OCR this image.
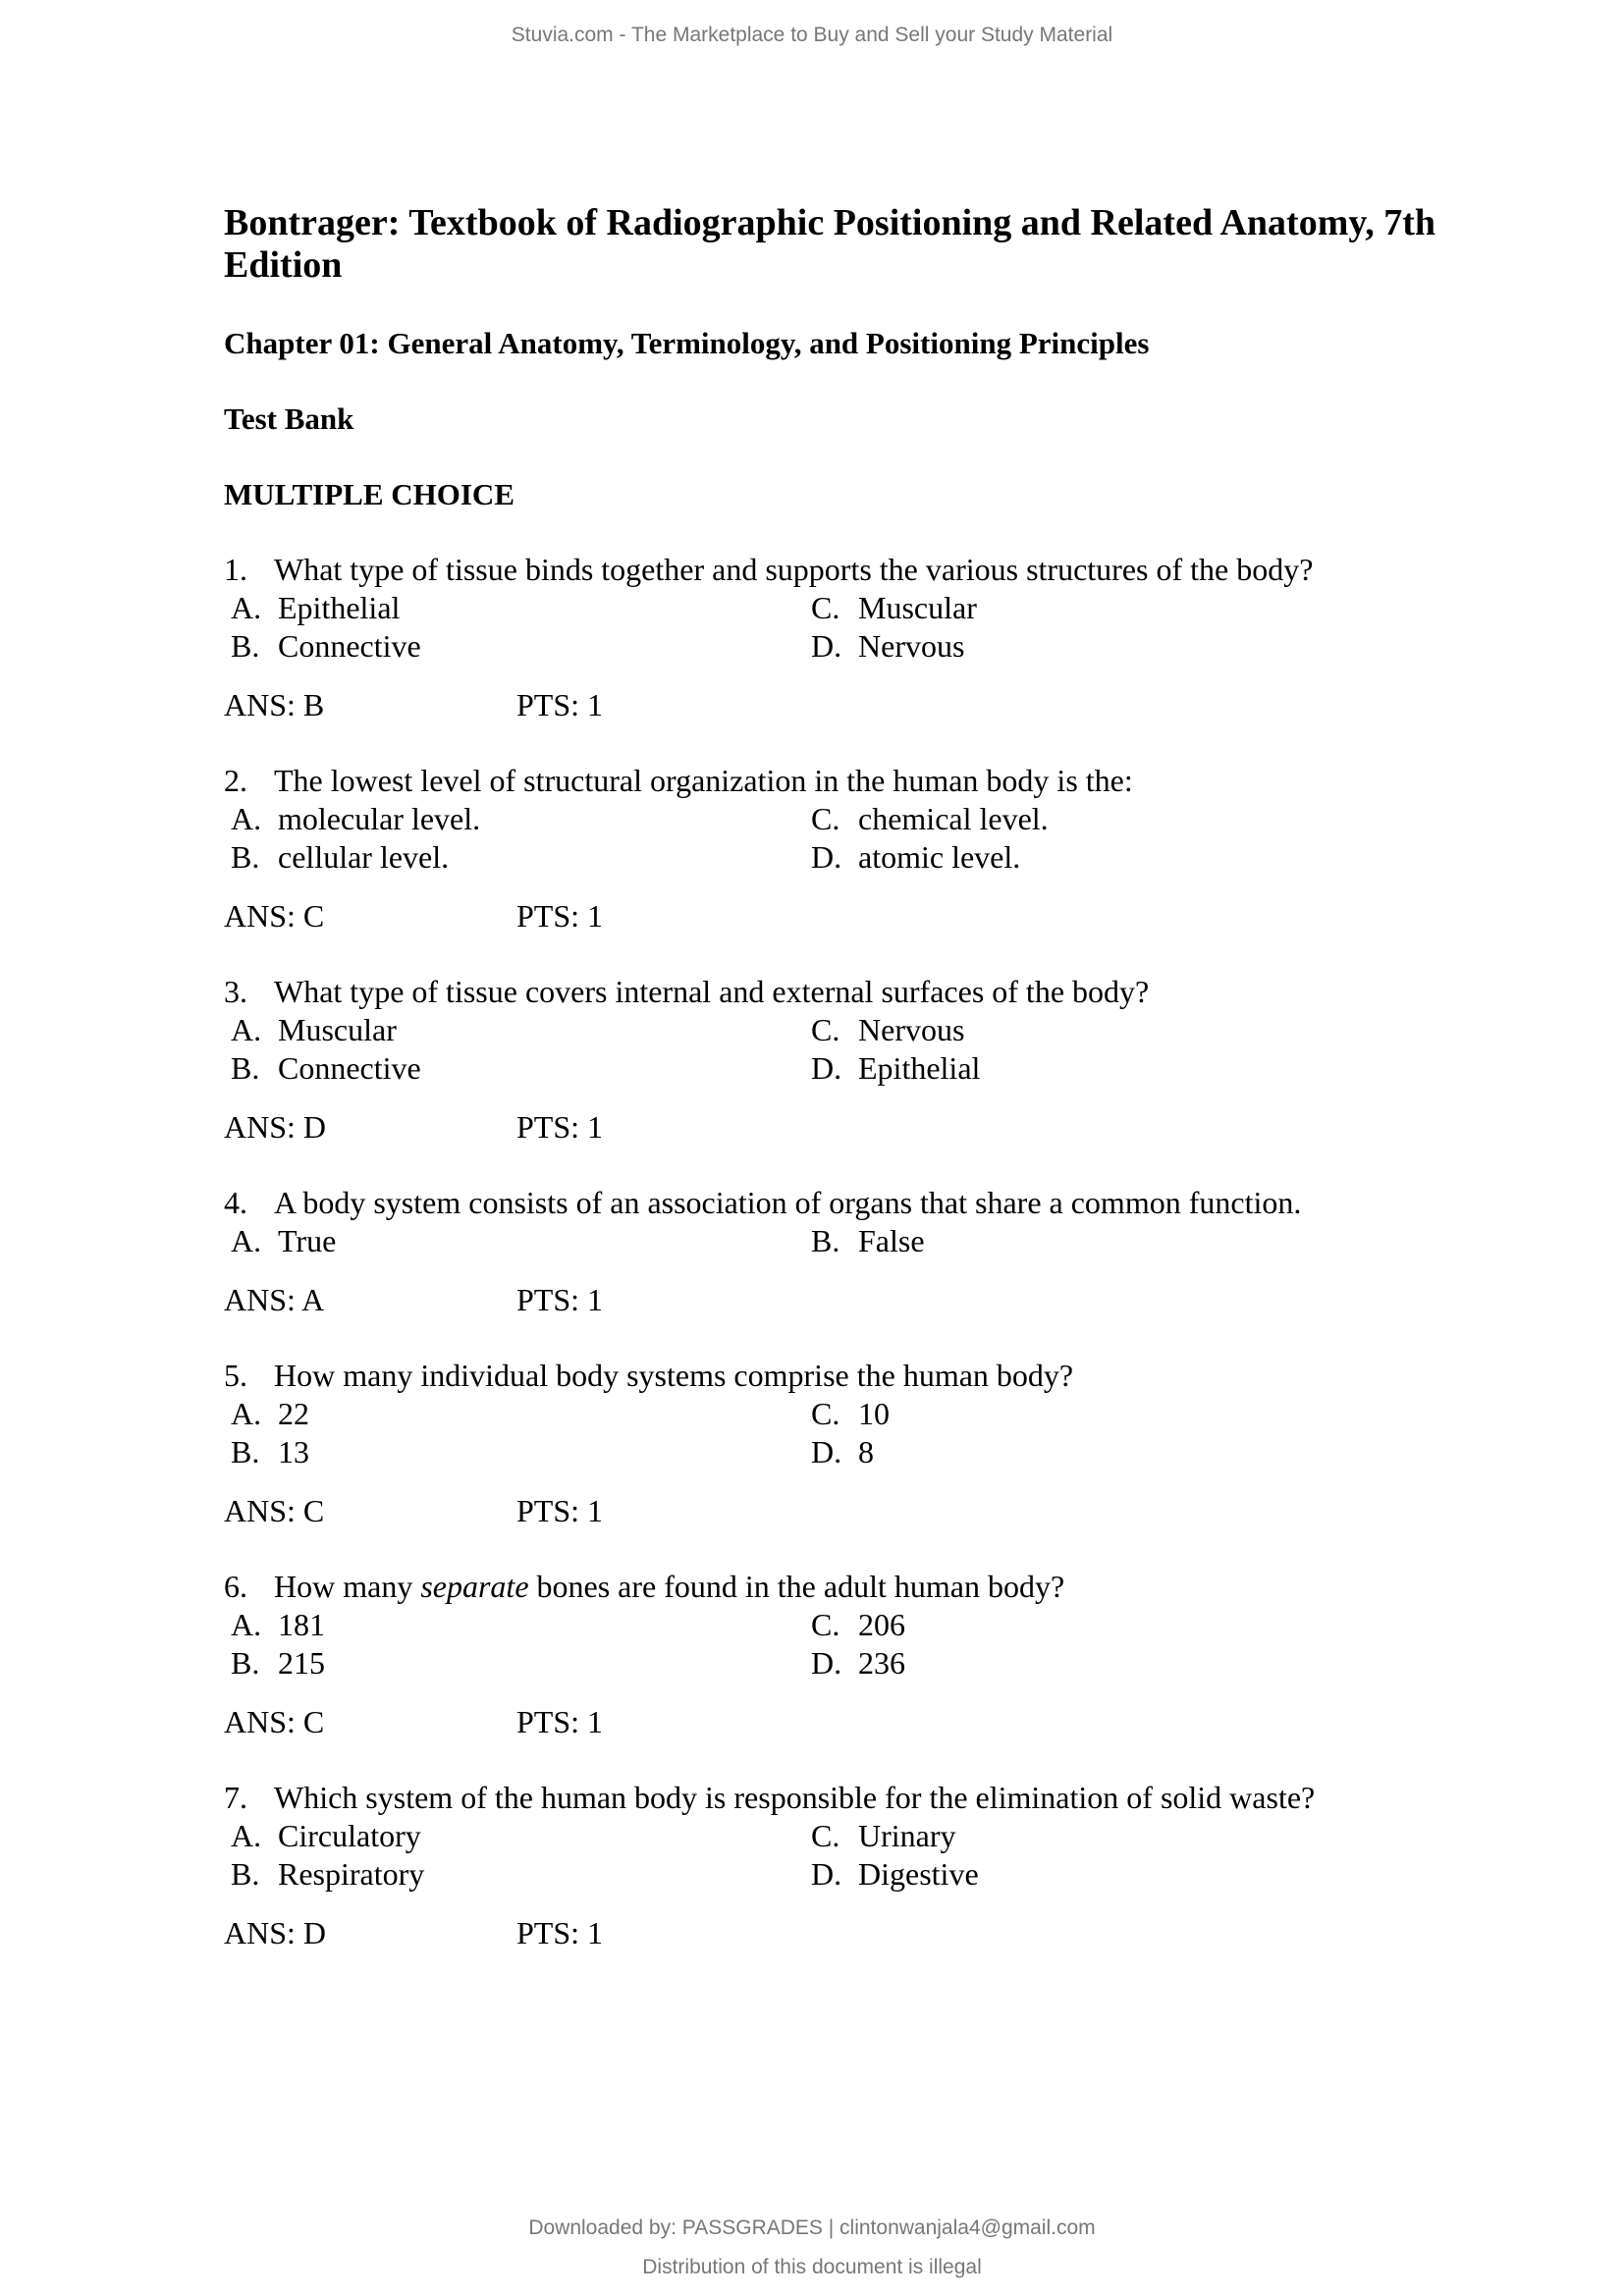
Stuvia.com - The Marketplace to Buy and Sell your Study Material
Bontrager: Textbook of Radiographic Positioning and Related Anatomy, 7th Edition
Chapter 01: General Anatomy, Terminology, and Positioning Principles
Test Bank
MULTIPLE CHOICE
1. What type of tissue binds together and supports the various structures of the body?
A. Epithelial	C. Muscular
B. Connective	D. Nervous
ANS: B	PTS: 1
2. The lowest level of structural organization in the human body is the:
A. molecular level.	C. chemical level.
B. cellular level.	D. atomic level.
ANS: C	PTS: 1
3. What type of tissue covers internal and external surfaces of the body?
A. Muscular	C. Nervous
B. Connective	D. Epithelial
ANS: D	PTS: 1
4. A body system consists of an association of organs that share a common function.
A. True	B. False
ANS: A	PTS: 1
5. How many individual body systems comprise the human body?
A. 22	C. 10
B. 13	D. 8
ANS: C	PTS: 1
6. How many separate bones are found in the adult human body?
A. 181	C. 206
B. 215	D. 236
ANS: C	PTS: 1
7. Which system of the human body is responsible for the elimination of solid waste?
A. Circulatory	C. Urinary
B. Respiratory	D. Digestive
ANS: D	PTS: 1
Downloaded by: PASSGRADES | clintonwanjala4@gmail.com
Distribution of this document is illegal
